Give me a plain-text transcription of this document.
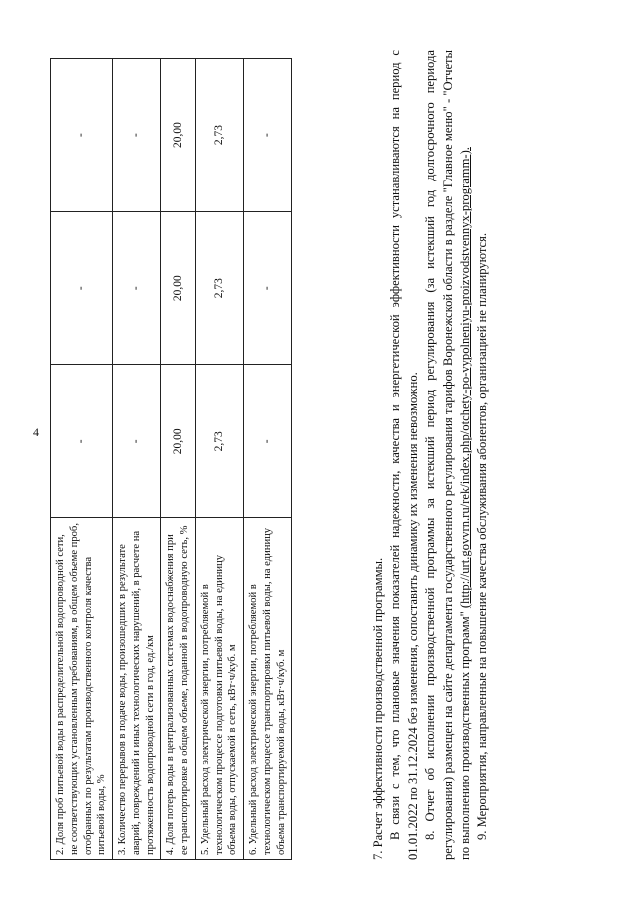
4
2. Доля проб питьевой воды в распределительной водопроводной сети, не соответствующих установленным требованиям, в общем объеме проб, отобранных по результатам производственного контроля качества питьевой воды, %	-	-	-
3. Количество перерывов в подаче воды, произошедших в результате аварий, повреждений и иных технологических нарушений, в расчете на протяженность водопроводной сети в год, ед./км	-	-	-
4. Доля потерь воды в централизованных системах водоснабжения при ее транспортировке в общем объеме, поданной в водопроводную сеть, %	20,00	20,00	20,00
5. Удельный расход электрической энергии, потребляемой в технологическом процессе подготовки питьевой воды, на единицу объема воды, отпускаемой в сеть, кВт·ч/куб. м	2,73	2,73	2,73
6. Удельный расход электрической энергии, потребляемой в технологическом процессе транспортировки питьевой воды, на единицу объема транспортируемой воды, кВт·ч/куб. м	-	-	-

7. Расчет эффективности производственной программы. В связи с тем, что плановые значения показателей надежности, качества и энергетической эффективности устанавливаются на период с 01.01.2022 по 31.12.2024 без изменения, сопоставить динамику их изменения невозможно. 8. Отчет об исполнении производственной программы за истекший период регулирования (за истекший год долгосрочного периода регулирования) размещен на сайте департамента государственного регулирования тарифов Воронежской области в разделе "Главное меню" - "Отчеты по выполнению производственных программ" (http://urt.govvrn.ru/rek/index.php/otchety-po-vypolneniyu-proizvodstvennyx-programm-). 9. Мероприятия, направленные на повышение качества обслуживания абонентов, организацией не планируются.
